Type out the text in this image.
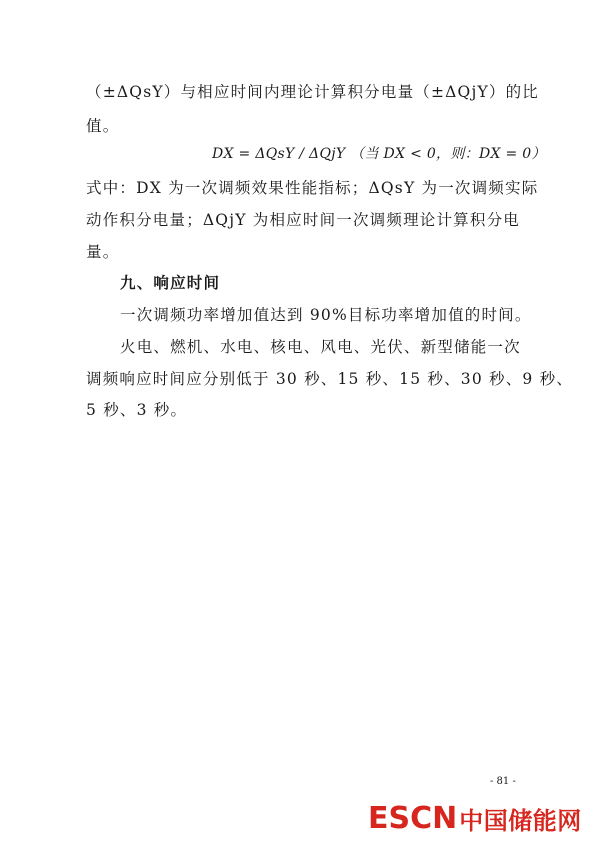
（±ΔQsY）与相应时间内理论计算积分电量（±ΔQjY）的比
值。
DX = ΔQsY / ΔQjY （当 DX < 0，则：DX = 0）
式中：DX 为一次调频效果性能指标；ΔQsY 为一次调频实际
动作积分电量；ΔQjY 为相应时间一次调频理论计算积分电
量。
九、响应时间
一次调频功率增加值达到 90%目标功率增加值的时间。
火电、燃机、水电、核电、风电、光伏、新型储能一次
调频响应时间应分别低于 30 秒、15 秒、15 秒、30 秒、9 秒、
5 秒、3 秒。
- 81 -
ESCN 中国储能网
